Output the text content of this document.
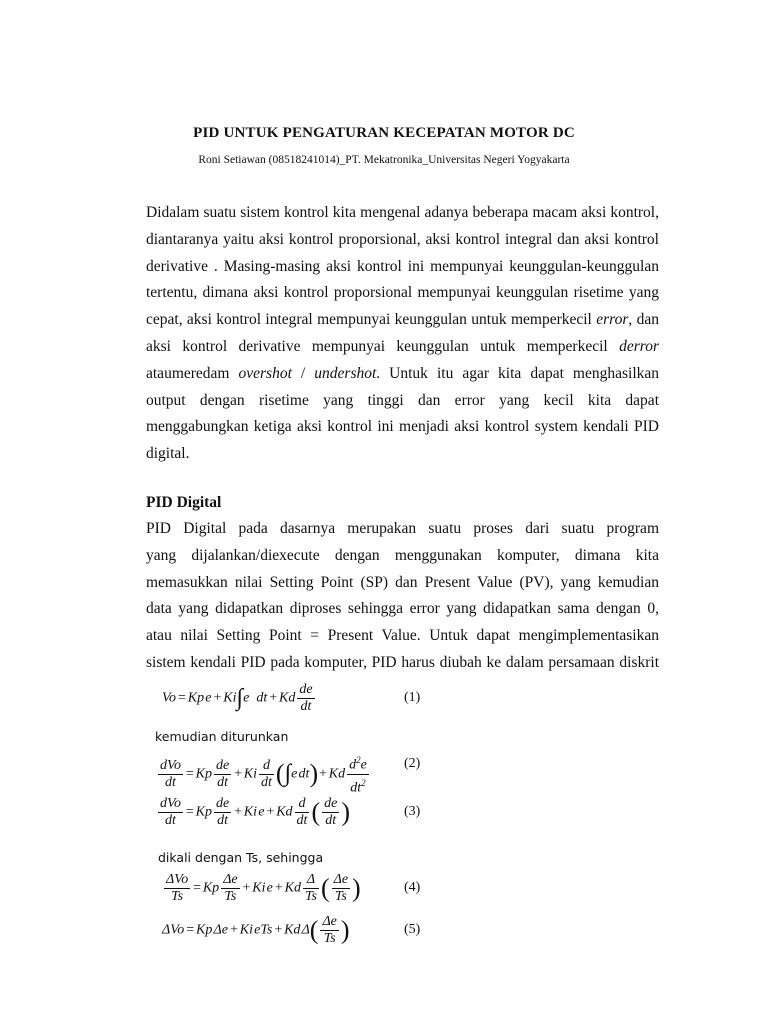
PID UNTUK PENGATURAN KECEPATAN MOTOR DC
Roni Setiawan (08518241014)_PT. Mekatronika_Universitas Negeri Yogyakarta
Didalam suatu sistem kontrol kita mengenal adanya beberapa macam aksi kontrol,
diantaranya yaitu aksi kontrol proporsional, aksi kontrol integral dan aksi kontrol
derivative . Masing-masing aksi kontrol ini mempunyai keunggulan-keunggulan
tertentu, dimana aksi kontrol proporsional mempunyai keunggulan risetime yang
cepat, aksi kontrol integral mempunyai keunggulan untuk memperkecil error, dan
aksi kontrol derivative mempunyai keunggulan untuk memperkecil derror
ataumeredam overshot / undershot. Untuk itu agar kita dapat menghasilkan
output dengan risetime yang tinggi dan error yang kecil kita dapat
menggabungkan ketiga aksi kontrol ini menjadi aksi kontrol system kendali PID
digital.
PID Digital
PID Digital pada dasarnya merupakan suatu proses dari suatu program
yang dijalankan/diexecute dengan menggunakan komputer, dimana kita
memasukkan nilai Setting Point (SP) dan Present Value (PV), yang kemudian
data yang didapatkan diproses sehingga error yang didapatkan sama dengan 0,
atau nilai Setting Point = Present Value. Untuk dapat mengimplementasikan
sistem kendali PID pada komputer, PID harus diubah ke dalam persamaan diskrit
Vo = Kp e + Ki∫e dt + Kd $\frac{de}{dt}$	(1)
kemudian diturunkan
$\frac{\text{dVo}}{dt}$ = Kp $\frac{de}{dt}$ + Ki $\frac{d}{dt} (\int e$ dt)+ Kd $\frac{d^2e}{dt^2}$	(2)
$\frac{\text{dVo}}{dt}$ = Kp $\frac{de}{dt}$ + Ki e + Kd $\frac{d}{dt}$ ( $\frac{de}{dt}$ )	(3)
dikali dengan Ts, sehingga
$\frac{\text{ΔVo}}{Ts}$ = Kp $\frac{\Delta e}{Ts}$ + Ki e + Kd $\frac{\Delta}{Ts}$ ( $\frac{\Delta e}{Ts}$ )	(4)
ΔVo = Kp Δe + Ki eTs + Kd $\Delta( \frac{\Delta e}{Ts}$ )	(5)
